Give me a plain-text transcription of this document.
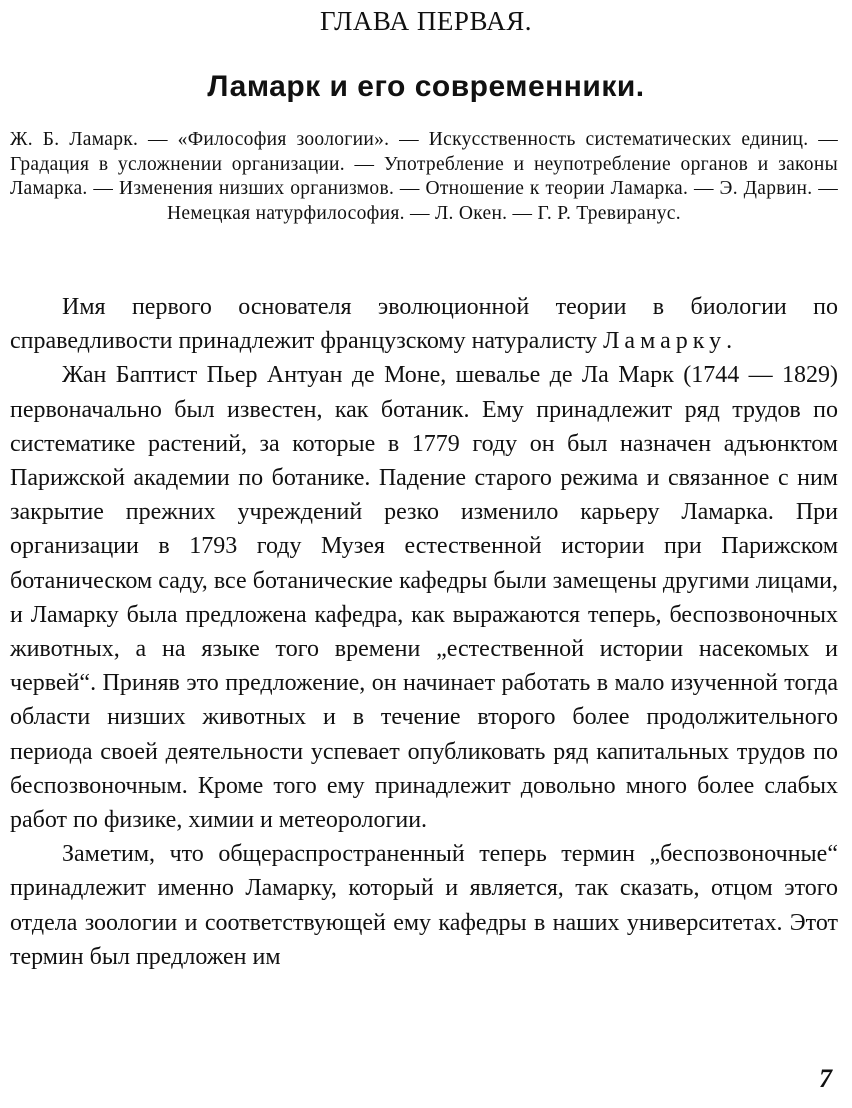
ГЛАВА ПЕРВАЯ.
Ламарк и его современники.
Ж. Б. Ламарк. — «Философия зоологии». — Искусственность систематических единиц. — Градация в усложнении организации. — Употребление и неупотребление органов и законы Ламарка. — Изменения низших организмов. — Отношение к теории Ламарка. — Э. Дарвин. — Немецкая натурфилософия. — Л. Окен. — Г. Р. Тревиранус.

Имя первого основателя эволюционной теории в биологии по справедливости принадлежит французскому натуралисту Ламарку.

Жан Баптист Пьер Антуан де Моне, шевалье де Ла Марк (1744 — 1829) первоначально был известен, как ботаник. Ему принадлежит ряд трудов по систематике растений, за которые в 1779 году он был назначен адъюнктом Парижской академии по ботанике. Падение старого режима и связанное с ним закрытие прежних учреждений резко изменило карьеру Ламарка. При организации в 1793 году Музея естественной истории при Парижском ботаническом саду, все ботанические кафедры были замещены другими лицами, и Ламарку была предложена кафедра, как выражаются теперь, беспозвоночных животных, а на языке того времени „естественной истории насекомых и червей“. Приняв это предложение, он начинает работать в мало изученной тогда области низших животных и в течение второго более продолжительного периода своей деятельности успевает опубликовать ряд капитальных трудов по беспозвоночным. Кроме того ему принадлежит довольно много более слабых работ по физике, химии и метеорологии.

Заметим, что общераспространенный теперь термин „беспозвоночные“ принадлежит именно Ламарку, который и является, так сказать, отцом этого отдела зоологии и соответствующей ему кафедры в наших университетах. Этот термин был предложен им

7
